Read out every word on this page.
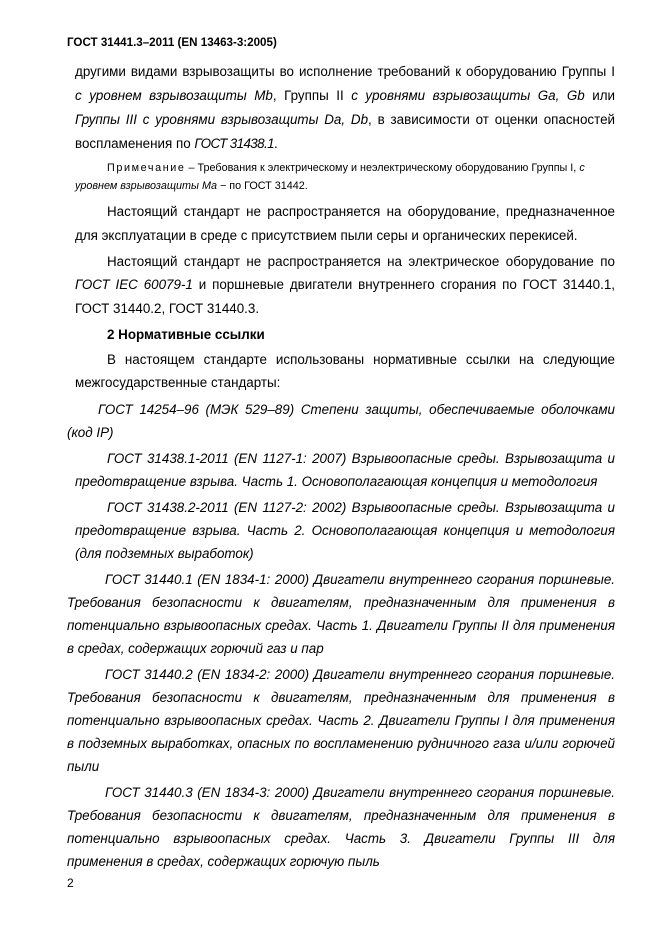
ГОСТ 31441.3–2011 (EN 13463-3:2005)
другими видами взрывозащиты во исполнение требований к оборудованию Группы I
с уровнем взрывозащиты Mb, Группы II с уровнями взрывозащиты Ga, Gb или
Группы III с уровнями взрывозащиты Da, Db, в зависимости от оценки опасностей
воспламенения по ГОСТ 31438.1.
Примечание – Требования к электрическому и неэлектрическому оборудованию Группы I, с
уровнем взрывозащиты Ma − по ГОСТ 31442.
Настоящий стандарт не распространяется на оборудование, предназначенное
для эксплуатации в среде с присутствием пыли серы и органических перекисей.
Настоящий стандарт не распространяется на электрическое оборудование по
ГОСТ IEC 60079-1 и поршневые двигатели внутреннего сгорания по ГОСТ 31440.1,
ГОСТ 31440.2, ГОСТ 31440.3.
2 Нормативные ссылки
В настоящем стандарте использованы нормативные ссылки на следующие
межгосударственные стандарты:
ГОСТ 14254–96 (МЭК 529–89) Степени защиты, обеспечиваемые оболочками
(код IP)
ГОСТ 31438.1-2011 (EN 1127-1: 2007) Взрывоопасные среды. Взрывозащита и
предотвращение взрыва. Часть 1. Основополагающая концепция и методология
ГОСТ 31438.2-2011 (EN 1127-2: 2002) Взрывоопасные среды. Взрывозащита и
предотвращение взрыва. Часть 2. Основополагающая концепция и методология
(для подземных выработок)
ГОСТ 31440.1 (EN 1834-1: 2000) Двигатели внутреннего сгорания поршневые.
Требования безопасности к двигателям, предназначенным для применения в
потенциально взрывоопасных средах. Часть 1. Двигатели Группы II для применения
в средах, содержащих горючий газ и пар
ГОСТ 31440.2 (EN 1834-2: 2000) Двигатели внутреннего сгорания поршневые.
Требования безопасности к двигателям, предназначенным для применения в
потенциально взрывоопасных средах. Часть 2. Двигатели Группы I для применения
в подземных выработках, опасных по воспламенению рудничного газа и/или горючей
пыли
ГОСТ 31440.3 (EN 1834-3: 2000) Двигатели внутреннего сгорания поршневые.
Требования безопасности к двигателям, предназначенным для применения в
потенциально взрывоопасных средах. Часть 3. Двигатели Группы III для
применения в средах, содержащих горючую пыль
2
